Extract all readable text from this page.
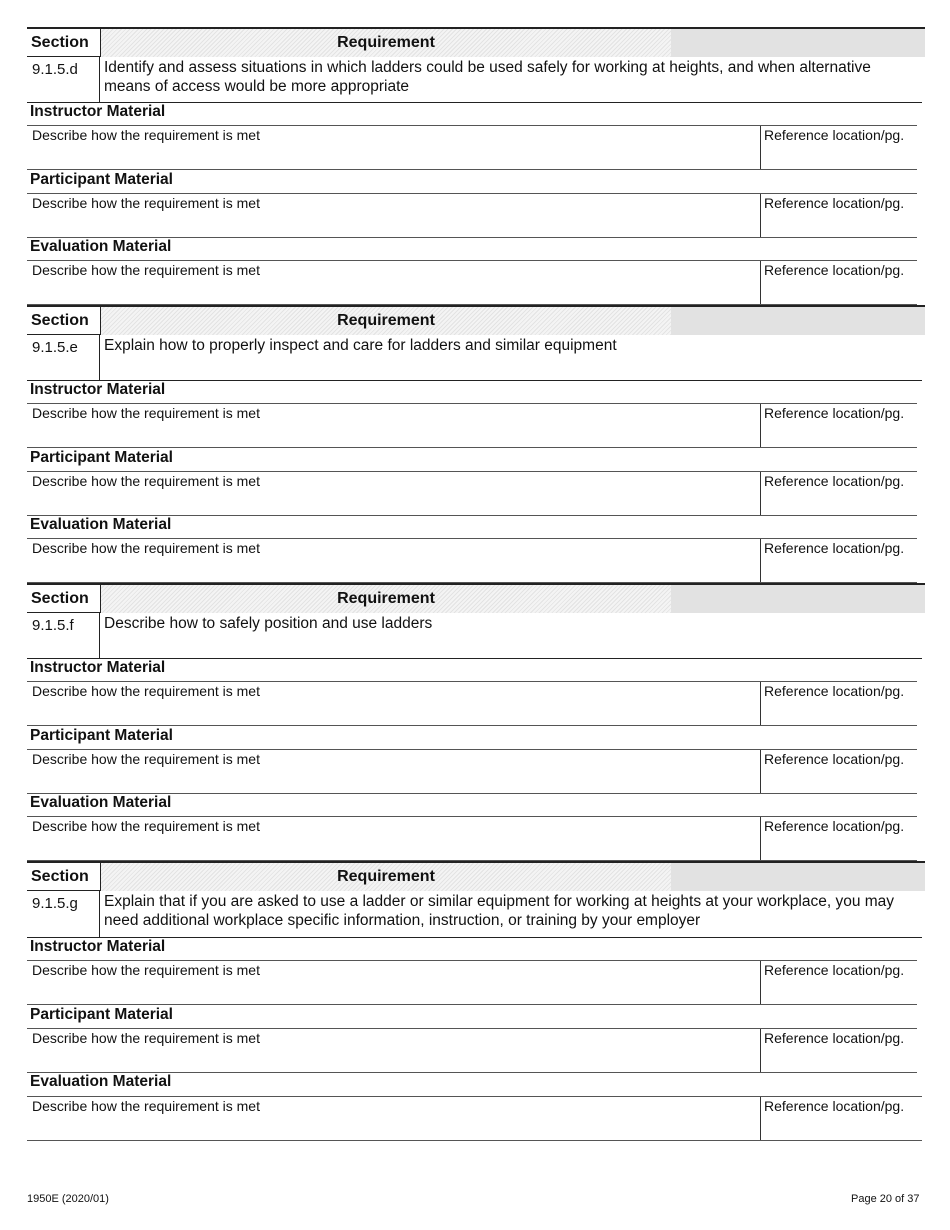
Section	Requirement
9.1.5.d	Identify and assess situations in which ladders could be used safely for working at heights, and when alternative means of access would be more appropriate
Instructor Material
Describe how the requirement is met	Reference location/pg.
Participant Material
Describe how the requirement is met	Reference location/pg.
Evaluation Material
Describe how the requirement is met	Reference location/pg.
Section	Requirement
9.1.5.e	Explain how to properly inspect and care for ladders and similar equipment
Instructor Material
Describe how the requirement is met	Reference location/pg.
Participant Material
Describe how the requirement is met	Reference location/pg.
Evaluation Material
Describe how the requirement is met	Reference location/pg.
Section	Requirement
9.1.5.f	Describe how to safely position and use ladders
Instructor Material
Describe how the requirement is met	Reference location/pg.
Participant Material
Describe how the requirement is met	Reference location/pg.
Evaluation Material
Describe how the requirement is met	Reference location/pg.
Section	Requirement
9.1.5.g	Explain that if you are asked to use a ladder or similar equipment for working at heights at your workplace, you may need additional workplace specific information, instruction, or training by your employer
Instructor Material
Describe how the requirement is met	Reference location/pg.
Participant Material
Describe how the requirement is met	Reference location/pg.
Evaluation Material
Describe how the requirement is met	Reference location/pg.
1950E (2020/01)	Page 20 of 37
